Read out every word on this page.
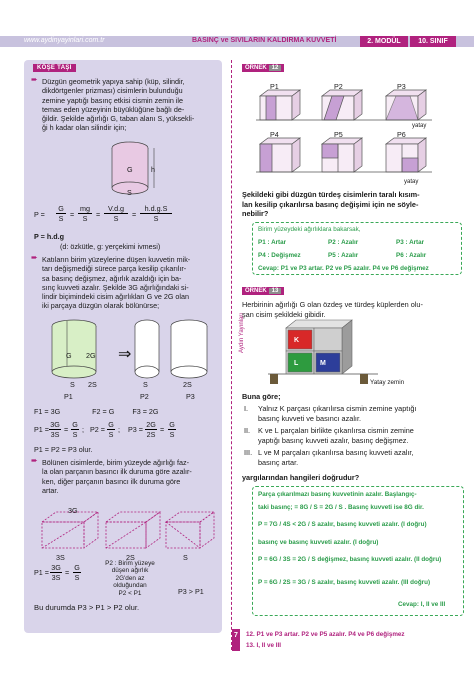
www.aydinyayinlari.com.tr	BASINÇ ve SIVILARIN KALDIRMA KUVVETİ	2. MODÜL	10. SINIF
KÖŞE TAŞI
➨ Düzgün geometrik yapıya sahip (küp, silindir,
dikdörtgenler prizması) cisimlerin bulunduğu
zemine yaptığı basınç etkisi cismin zemin ile
temas eden yüzeyinin büyüklüğüne bağlı de-
ğildir. Şekilde ağırlığı G, taban alanı S, yüksekli-
ği h kadar olan silindir için;
G	h
S
P =
G
S =
mg
S	=
V.d.g
S	=
h.d.g.S
S
P = h.d.g
(d: özkütle, g: yerçekimi ivmesi)
➨ Katıların birim yüzeylerine düşen kuvvetin mik-
tarı değişmediği sürece parça kesilip çıkarılır-
sa basınç değişmez, ağırlık azaldığı için ba-
sınç kuvveti azalır. Şekilde 3G ağırlığındaki si-
lindir biçimindeki cisim ağırlıkları G ve 2G olan
iki parçaya düzgün olarak bölünürse;
G 2G ⇒
S 2S	S	2S
P1	P2	P3
F1 = 3G	F2 = G	F3 = 2G
P1 =
3G
3S
=
G
S
; P2 =
G
S
; P3 =
2G
2S
=
G
S
P1 = P2 = P3 olur.
➨ Bölünen cisimlerde, birim yüzeyde ağırlığı faz-
la olan parçanın basıncı ilk duruma göre azalır-
ken, diğer parçanın basıncı ilk duruma göre
artar.
3G
3S	2S	S
P1 =
3G
3S
=
G
S
P2 : Birim yüzeye
düşen ağırlık
2G'den az
olduğundan
P2 < P1	P3 > P1
Bu durumda P3 > P1 > P2 olur.
Aydın Yayınları
ÖRNEK 12
P1	P2	P3
yatay
P4	P5	P6
yatay
Şekildeki gibi düzgün türdeş cisimlerin taralı kısım-
lan kesilip çıkarılırsa basınç değişimi için ne söyle-
nebilir?
Birim yüzeydeki ağırlıklara bakarsak,
P1 : Artar	P2 : Azalır	P3 : Artar
P4 : Değişmez	P5 : Azalır	P6 : Azalır
Cevap: P1 ve P3 artar. P2 ve P5 azalır. P4 ve P6 değişmez
ÖRNEK 13
Herbirinin ağırlığı G olan özdeş ve türdeş küplerden olu-
şan cisim şekildeki gibidir.
K
L	M
Yatay zemin
Buna göre;
I. Yalnız K parçası çıkarılırsa cismin zemine yaptığı
basınç kuvveti ve basıncı azalır.
II. K ve L parçaları birlikte çıkarılırsa cismin zemine
yaptığı basınç kuvveti azalır, basınç değişmez.
III. L ve M parçaları çıkarılırsa basınç kuvveti azalır,
basınç artar.
yargılarından hangileri doğrudur?
Parça çıkarılmazı basınç kuvvetinin azalır. Başlangıç-
taki basınç; = 8G / S = 2G / S . Basınç kuvveti ise 8G dir.
P = 7G / 4S < 2G / S azalır, basınç kuvveti azalır. (I doğru)
basınç ve basınç kuvveti azalır. (I doğru)
P = 6G / 3S = 2G / S değişmez, basınç kuvveti azalır. (II doğru)
P = 6G / 2S = 3G / S azalır, basınç kuvveti azalır. (III doğru)
Cevap: I, II ve III
7	12. P1 ve P3 artar. P2 ve P5 azalır. P4 ve P6 değişmez
13. I, II ve III
